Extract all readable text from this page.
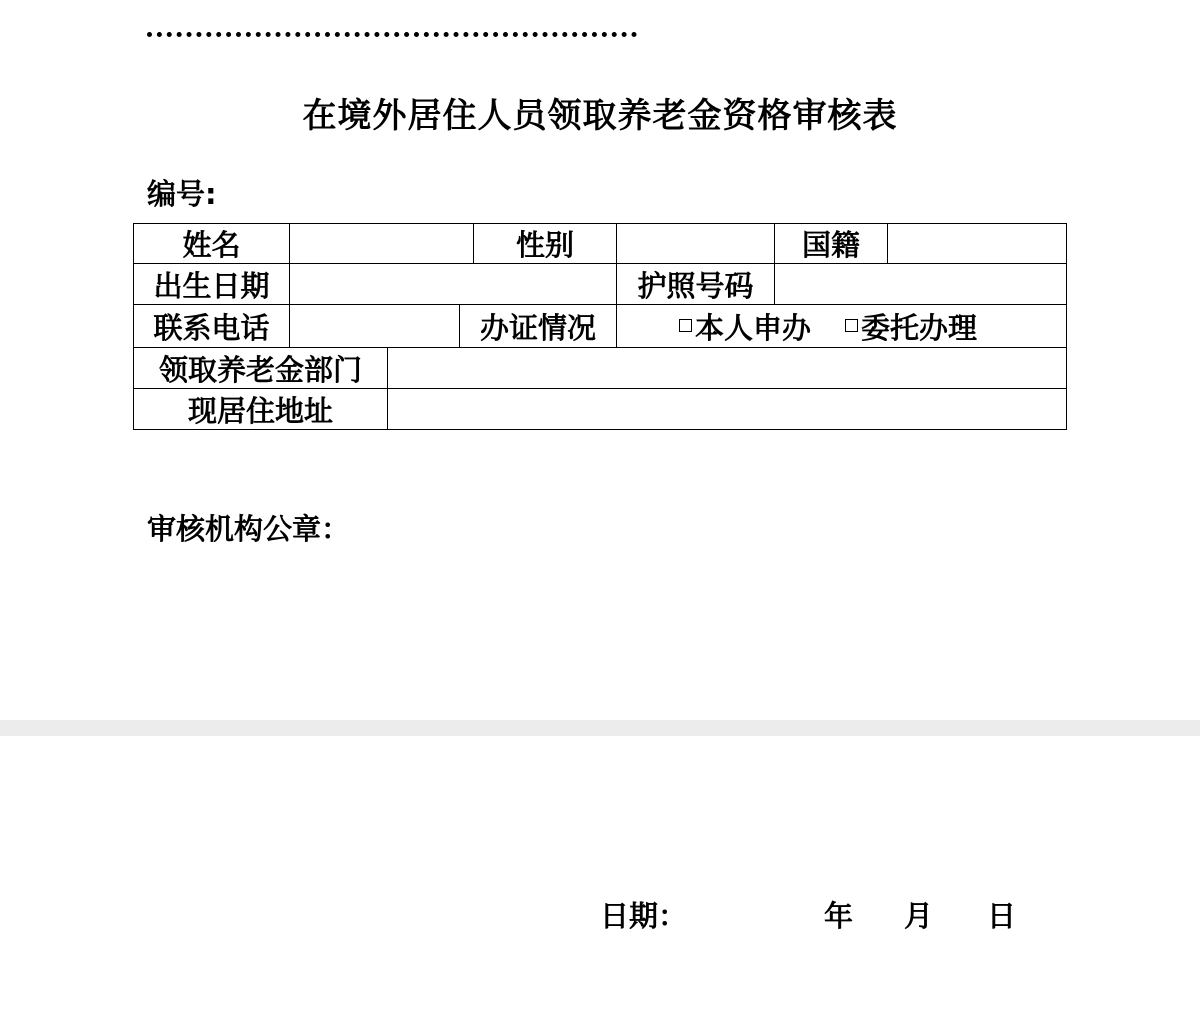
在境外居住人员领取养老金资格审核表
编号:
姓名	性别	国籍
出生日期	护照号码
联系电话	办证情况	本人申办 委托办理
领取养老金部门
现居住地址
审核机构公章：
日期：	年 月 日
